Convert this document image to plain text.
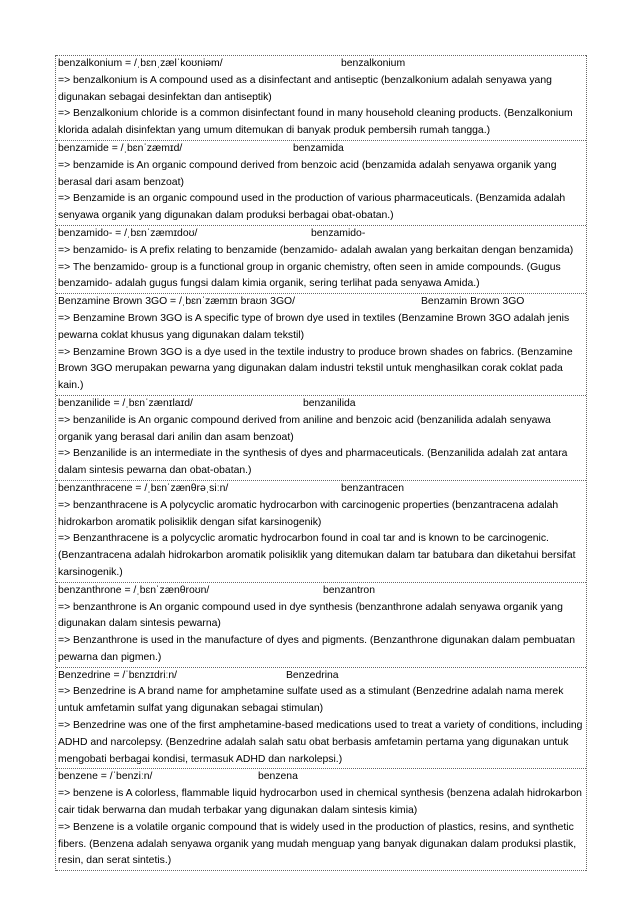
benzalkonium = /ˌbɛnˌzælˈkoʊniəm/	benzalkonium
=> benzalkonium is A compound used as a disinfectant and antiseptic (benzalkonium adalah senyawa yang digunakan sebagai desinfektan dan antiseptik)
=> Benzalkonium chloride is a common disinfectant found in many household cleaning products. (Benzalkonium klorida adalah disinfektan yang umum ditemukan di banyak produk pembersih rumah tangga.)
benzamide = /ˌbɛnˈzæmɪd/	benzamida
=> benzamide is An organic compound derived from benzoic acid (benzamida adalah senyawa organik yang berasal dari asam benzoat)
=> Benzamide is an organic compound used in the production of various pharmaceuticals. (Benzamida adalah senyawa organik yang digunakan dalam produksi berbagai obat-obatan.)
benzamido- = /ˌbɛnˈzæmɪdoʊ/	benzamido-
=> benzamido- is A prefix relating to benzamide (benzamido- adalah awalan yang berkaitan dengan benzamida)
=> The benzamido- group is a functional group in organic chemistry, often seen in amide compounds. (Gugus benzamido- adalah gugus fungsi dalam kimia organik, sering terlihat pada senyawa Amida.)
Benzamine Brown 3GO = /ˌbɛnˈzæmɪn braʊn 3GO/	Benzamin Brown 3GO
=> Benzamine Brown 3GO is A specific type of brown dye used in textiles (Benzamine Brown 3GO adalah jenis pewarna coklat khusus yang digunakan dalam tekstil)
=> Benzamine Brown 3GO is a dye used in the textile industry to produce brown shades on fabrics. (Benzamine Brown 3GO merupakan pewarna yang digunakan dalam industri tekstil untuk menghasilkan corak coklat pada kain.)
benzanilide = /ˌbɛnˈzænɪlaɪd/	benzanilida
=> benzanilide is An organic compound derived from aniline and benzoic acid (benzanilida adalah senyawa organik yang berasal dari anilin dan asam benzoat)
=> Benzanilide is an intermediate in the synthesis of dyes and pharmaceuticals. (Benzanilida adalah zat antara dalam sintesis pewarna dan obat-obatan.)
benzanthracene = /ˌbɛnˈzænθrəˌsiːn/	benzantracen
=> benzanthracene is A polycyclic aromatic hydrocarbon with carcinogenic properties (benzantracena adalah hidrokarbon aromatik polisiklik dengan sifat karsinogenik)
=> Benzanthracene is a polycyclic aromatic hydrocarbon found in coal tar and is known to be carcinogenic. (Benzantracena adalah hidrokarbon aromatik polisiklik yang ditemukan dalam tar batubara dan diketahui bersifat karsinogenik.)
benzanthrone = /ˌbɛnˈzænθroʊn/	benzantron
=> benzanthrone is An organic compound used in dye synthesis (benzanthrone adalah senyawa organik yang digunakan dalam sintesis pewarna)
=> Benzanthrone is used in the manufacture of dyes and pigments. (Benzanthrone digunakan dalam pembuatan pewarna dan pigmen.)
Benzedrine = /ˈbɛnzɪdriːn/	Benzedrina
=> Benzedrine is A brand name for amphetamine sulfate used as a stimulant (Benzedrine adalah nama merek untuk amfetamin sulfat yang digunakan sebagai stimulan)
=> Benzedrine was one of the first amphetamine-based medications used to treat a variety of conditions, including ADHD and narcolepsy. (Benzedrine adalah salah satu obat berbasis amfetamin pertama yang digunakan untuk mengobati berbagai kondisi, termasuk ADHD dan narkolepsi.)
benzene = /ˈbenziːn/	benzena
=> benzene is A colorless, flammable liquid hydrocarbon used in chemical synthesis (benzena adalah hidrokarbon cair tidak berwarna dan mudah terbakar yang digunakan dalam sintesis kimia)
=> Benzene is a volatile organic compound that is widely used in the production of plastics, resins, and synthetic fibers. (Benzena adalah senyawa organik yang mudah menguap yang banyak digunakan dalam produksi plastik, resin, dan serat sintetis.)
